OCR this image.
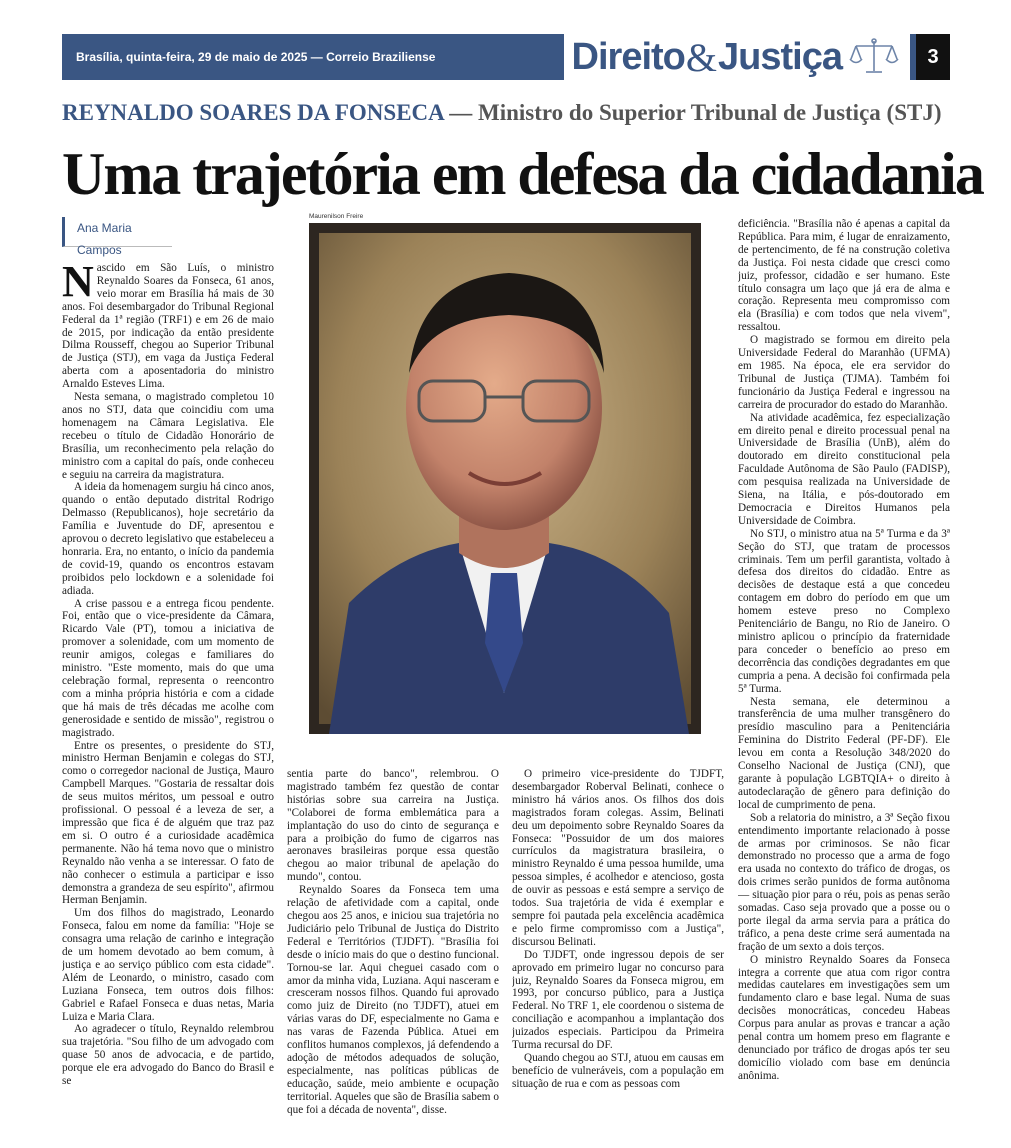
Brasília, quinta-feira, 29 de maio de 2025 — Correio Braziliense	Direito & Justiça	3
REYNALDO SOARES DA FONSECA — Ministro do Superior Tribunal de Justiça (STJ)
Uma trajetória em defesa da cidadania
Ana Maria Campos
Maurenilson Freire

Nascido em São Luís, o ministro Reynaldo Soares da Fonseca, 61 anos, veio morar em Brasília há mais de 30 anos. Foi desembargador do Tribunal Regional Federal da 1ª região (TRF1) e em 26 de maio de 2015, por indicação da então presidente Dilma Rousseff, chegou ao Superior Tribunal de Justiça (STJ), em vaga da Justiça Federal aberta com a aposentadoria do ministro Arnaldo Esteves Lima.

Nesta semana, o magistrado completou 10 anos no STJ, data que coincidiu com uma homenagem na Câmara Legislativa. Ele recebeu o título de Cidadão Honorário de Brasília, um reconhecimento pela relação do ministro com a capital do país, onde conheceu e seguiu na carreira da magistratura.

A ideia da homenagem surgiu há cinco anos, quando o então deputado distrital Rodrigo Delmasso (Republicanos), hoje secretário da Família e Juventude do DF, apresentou e aprovou o decreto legislativo que estabeleceu a honraria. Era, no entanto, o início da pandemia de covid-19, quando os encontros estavam proibidos pelo lockdown e a solenidade foi adiada.

A crise passou e a entrega ficou pendente. Foi, então que o vice-presidente da Câmara, Ricardo Vale (PT), tomou a iniciativa de promover a solenidade, com um momento de reunir amigos, colegas e familiares do ministro. "Este momento, mais do que uma celebração formal, representa o reencontro com a minha própria história e com a cidade que há mais de três décadas me acolhe com generosidade e sentido de missão", registrou o magistrado.

Entre os presentes, o presidente do STJ, ministro Herman Benjamin e colegas do STJ, como o corregedor nacional de Justiça, Mauro Campbell Marques. "Gostaria de ressaltar dois de seus muitos méritos, um pessoal e outro profissional. O pessoal é a leveza de ser, a impressão que fica é de alguém que traz paz em si. O outro é a curiosidade acadêmica permanente. Não há tema novo que o ministro Reynaldo não venha a se interessar. O fato de não conhecer o estimula a participar e isso demonstra a grandeza de seu espírito", afirmou Herman Benjamin.

Um dos filhos do magistrado, Leonardo Fonseca, falou em nome da família: "Hoje se consagra uma relação de carinho e integração de um homem devotado ao bem comum, à justiça e ao serviço público com esta cidade". Além de Leonardo, o ministro, casado com Luziana Fonseca, tem outros dois filhos: Gabriel e Rafael Fonseca e duas netas, Maria Luiza e Maria Clara.

Ao agradecer o título, Reynaldo relembrou sua trajetória. "Sou filho de um advogado com quase 50 anos de advocacia, e de partido, porque ele era advogado do Banco do Brasil e se

sentia parte do banco", relembrou. O magistrado também fez questão de contar histórias sobre sua carreira na Justiça. "Colaborei de forma emblemática para a implantação do uso do cinto de segurança e para a proibição do fumo de cigarros nas aeronaves brasileiras porque essa questão chegou ao maior tribunal de apelação do mundo", contou.

Reynaldo Soares da Fonseca tem uma relação de afetividade com a capital, onde chegou aos 25 anos, e iniciou sua trajetória no Judiciário pelo Tribunal de Justiça do Distrito Federal e Territórios (TJDFT). "Brasília foi desde o início mais do que o destino funcional. Tornou-se lar. Aqui cheguei casado com o amor da minha vida, Luziana. Aqui nasceram e cresceram nossos filhos. Quando fui aprovado como juiz de Direito (no TJDFT), atuei em várias varas do DF, especialmente no Gama e nas varas de Fazenda Pública. Atuei em conflitos humanos complexos, já defendendo a adoção de métodos adequados de solução, especialmente, nas políticas públicas de educação, saúde, meio ambiente e ocupação territorial. Aqueles que são de Brasília sabem o que foi a década de noventa", disse.

O primeiro vice-presidente do TJDFT, desembargador Roberval Belinati, conhece o ministro há vários anos. Os filhos dos dois magistrados foram colegas. Assim, Belinati deu um depoimento sobre Reynaldo Soares da Fonseca: "Possuidor de um dos maiores currículos da magistratura brasileira, o ministro Reynaldo é uma pessoa humilde, uma pessoa simples, é acolhedor e atencioso, gosta de ouvir as pessoas e está sempre a serviço de todos. Sua trajetória de vida é exemplar e sempre foi pautada pela excelência acadêmica e pelo firme compromisso com a Justiça", discursou Belinati.

Do TJDFT, onde ingressou depois de ser aprovado em primeiro lugar no concurso para juiz, Reynaldo Soares da Fonseca migrou, em 1993, por concurso público, para a Justiça Federal. No TRF 1, ele coordenou o sistema de conciliação e acompanhou a implantação dos juizados especiais. Participou da Primeira Turma recursal do DF.

Quando chegou ao STJ, atuou em causas em benefício de vulneráveis, com a população em situação de rua e com as pessoas com

deficiência. "Brasília não é apenas a capital da República. Para mim, é lugar de enraizamento, de pertencimento, de fé na construção coletiva da Justiça. Foi nesta cidade que cresci como juiz, professor, cidadão e ser humano. Este título consagra um laço que já era de alma e coração. Representa meu compromisso com ela (Brasília) e com todos que nela vivem", ressaltou.

O magistrado se formou em direito pela Universidade Federal do Maranhão (UFMA) em 1985. Na época, ele era servidor do Tribunal de Justiça (TJMA). Também foi funcionário da Justiça Federal e ingressou na carreira de procurador do estado do Maranhão.

Na atividade acadêmica, fez especialização em direito penal e direito processual penal na Universidade de Brasília (UnB), além do doutorado em direito constitucional pela Faculdade Autônoma de São Paulo (FADISP), com pesquisa realizada na Universidade de Siena, na Itália, e pós-doutorado em Democracia e Direitos Humanos pela Universidade de Coimbra.

No STJ, o ministro atua na 5ª Turma e da 3ª Seção do STJ, que tratam de processos criminais. Tem um perfil garantista, voltado à defesa dos direitos do cidadão. Entre as decisões de destaque está a que concedeu contagem em dobro do período em que um homem esteve preso no Complexo Penitenciário de Bangu, no Rio de Janeiro. O ministro aplicou o princípio da fraternidade para conceder o benefício ao preso em decorrência das condições degradantes em que cumpria a pena. A decisão foi confirmada pela 5ª Turma.

Nesta semana, ele determinou a transferência de uma mulher transgênero do presídio masculino para a Penitenciária Feminina do Distrito Federal (PF-DF). Ele levou em conta a Resolução 348/2020 do Conselho Nacional de Justiça (CNJ), que garante à população LGBTQIA+ o direito à autodeclaração de gênero para definição do local de cumprimento de pena.

Sob a relatoria do ministro, a 3ª Seção fixou entendimento importante relacionado à posse de armas por criminosos. Se não ficar demonstrado no processo que a arma de fogo era usada no contexto do tráfico de drogas, os dois crimes serão punidos de forma autônoma — situação pior para o réu, pois as penas serão somadas. Caso seja provado que a posse ou o porte ilegal da arma servia para a prática do tráfico, a pena deste crime será aumentada na fração de um sexto a dois terços.

O ministro Reynaldo Soares da Fonseca integra a corrente que atua com rigor contra medidas cautelares em investigações sem um fundamento claro e base legal. Numa de suas decisões monocráticas, concedeu Habeas Corpus para anular as provas e trancar a ação penal contra um homem preso em flagrante e denunciado por tráfico de drogas após ter seu domicílio violado com base em denúncia anônima.
